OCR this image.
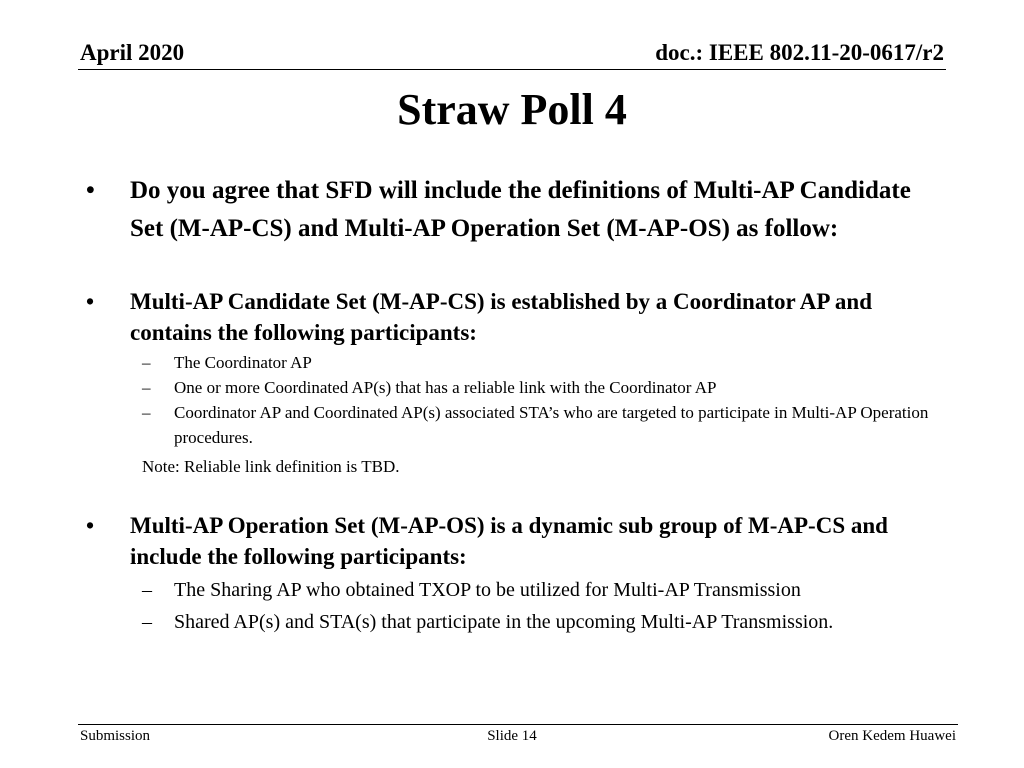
April 2020	doc.: IEEE 802.11-20-0617/r2
Straw Poll 4
• Do you agree that SFD will include the definitions of Multi-AP Candidate Set (M-AP-CS) and Multi-AP Operation Set (M-AP-OS) as follow:
• Multi-AP Candidate Set (M-AP-CS) is established by a Coordinator AP and contains the following participants:
– The Coordinator AP
– One or more Coordinated AP(s) that has a reliable link with the Coordinator AP
– Coordinator AP and Coordinated AP(s) associated STA’s who are targeted to participate in Multi-AP Operation procedures.
Note: Reliable link definition is TBD.
• Multi-AP Operation Set (M-AP-OS) is a dynamic sub group of M-AP-CS and include the following participants:
– The Sharing AP who obtained TXOP to be utilized for Multi-AP Transmission
– Shared AP(s) and STA(s) that participate in the upcoming Multi-AP Transmission.
Submission	Slide 14	Oren Kedem Huawei
